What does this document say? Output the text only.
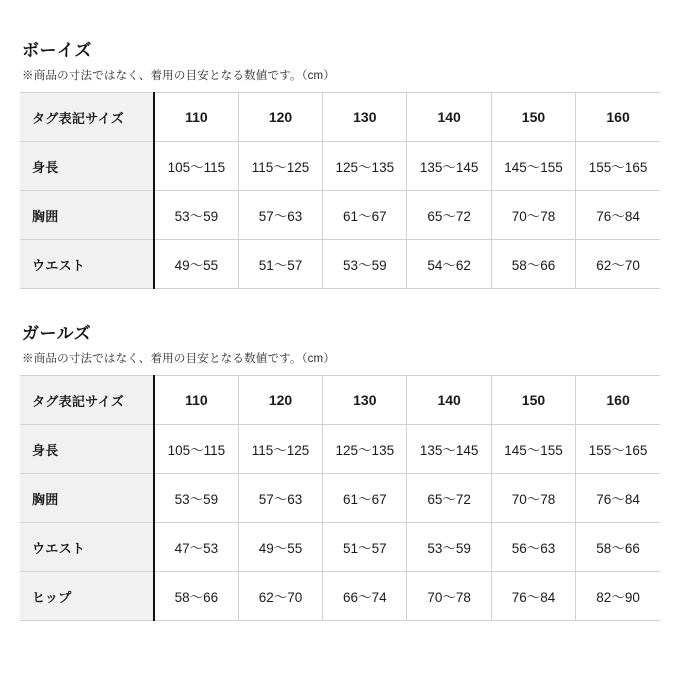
ボーイズ
※商品の寸法ではなく、着用の目安となる数値です。（cm）
タグ表記サイズ	110	120	130	140	150	160
身長	105〜115	115〜125	125〜135	135〜145	145〜155	155〜165
胸囲	53〜59	57〜63	61〜67	65〜72	70〜78	76〜84
ウエスト	49〜55	51〜57	53〜59	54〜62	58〜66	62〜70
ガールズ
※商品の寸法ではなく、着用の目安となる数値です。（cm）
タグ表記サイズ	110	120	130	140	150	160
身長	105〜115	115〜125	125〜135	135〜145	145〜155	155〜165
胸囲	53〜59	57〜63	61〜67	65〜72	70〜78	76〜84
ウエスト	47〜53	49〜55	51〜57	53〜59	56〜63	58〜66
ヒップ	58〜66	62〜70	66〜74	70〜78	76〜84	82〜90
